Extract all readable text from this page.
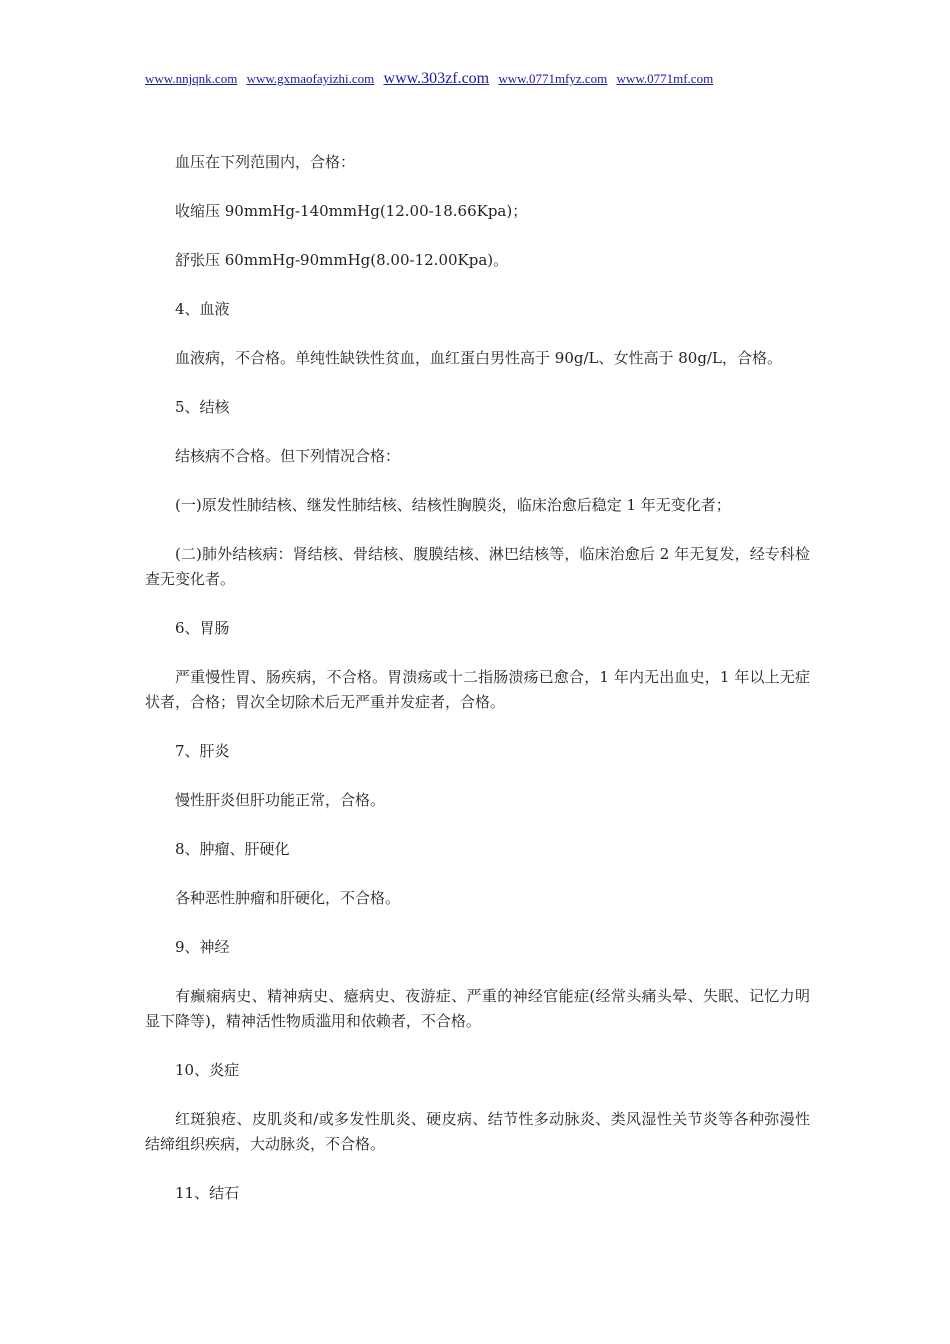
www.nnjqnk.com www.gxmaofayizhi.com www.303zf.com www.0771mfyz.com www.0771mf.com

血压在下列范围内，合格：

收缩压 90mmHg-140mmHg(12.00-18.66Kpa)；

舒张压 60mmHg-90mmHg(8.00-12.00Kpa)。

4、血液

血液病，不合格。单纯性缺铁性贫血，血红蛋白男性高于 90g/L、女性高于 80g/L，合格。

5、结核

结核病不合格。但下列情况合格：

(一)原发性肺结核、继发性肺结核、结核性胸膜炎，临床治愈后稳定 1 年无变化者；

(二)肺外结核病：肾结核、骨结核、腹膜结核、淋巴结核等，临床治愈后 2 年无复发，经专科检查无变化者。

6、胃肠

严重慢性胃、肠疾病，不合格。胃溃疡或十二指肠溃疡已愈合，1 年内无出血史，1 年以上无症状者，合格；胃次全切除术后无严重并发症者，合格。

7、肝炎

慢性肝炎但肝功能正常，合格。

8、肿瘤、肝硬化

各种恶性肿瘤和肝硬化，不合格。

9、神经

有癫痫病史、精神病史、癔病史、夜游症、严重的神经官能症(经常头痛头晕、失眠、记忆力明显下降等)，精神活性物质滥用和依赖者，不合格。

10、炎症

红斑狼疮、皮肌炎和/或多发性肌炎、硬皮病、结节性多动脉炎、类风湿性关节炎等各种弥漫性结缔组织疾病，大动脉炎，不合格。

11、结石
